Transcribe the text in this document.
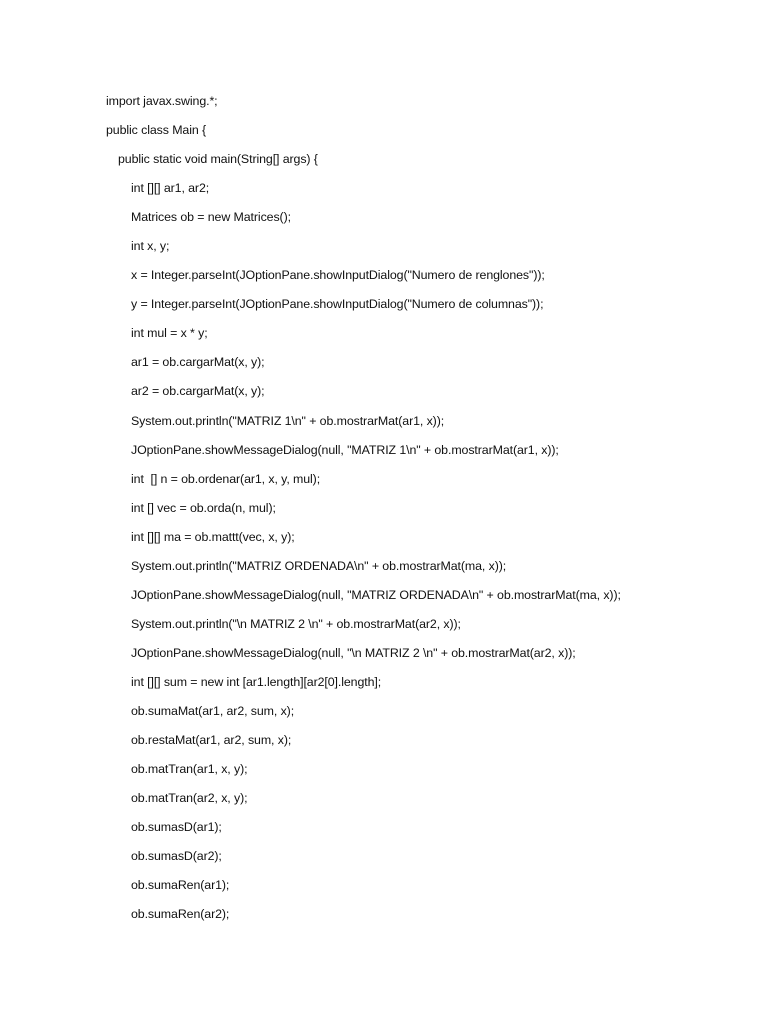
import javax.swing.*;
public class Main {
public static void main(String[] args) {
int [][] ar1, ar2;
Matrices ob = new Matrices();
int x, y;
x = Integer.parseInt(JOptionPane.showInputDialog("Numero de renglones"));
y = Integer.parseInt(JOptionPane.showInputDialog("Numero de columnas"));
int mul = x * y;
ar1 = ob.cargarMat(x, y);
ar2 = ob.cargarMat(x, y);
System.out.println("MATRIZ 1\n" + ob.mostrarMat(ar1, x));
JOptionPane.showMessageDialog(null, "MATRIZ 1\n" + ob.mostrarMat(ar1, x));
int  [] n = ob.ordenar(ar1, x, y, mul);
int [] vec = ob.orda(n, mul);
int [][] ma = ob.mattt(vec, x, y);
System.out.println("MATRIZ ORDENADA\n" + ob.mostrarMat(ma, x));
JOptionPane.showMessageDialog(null, "MATRIZ ORDENADA\n" + ob.mostrarMat(ma, x));
System.out.println("\n MATRIZ 2 \n" + ob.mostrarMat(ar2, x));
JOptionPane.showMessageDialog(null, "\n MATRIZ 2 \n" + ob.mostrarMat(ar2, x));
int [][] sum = new int [ar1.length][ar2[0].length];
ob.sumaMat(ar1, ar2, sum, x);
ob.restaMat(ar1, ar2, sum, x);
ob.matTran(ar1, x, y);
ob.matTran(ar2, x, y);
ob.sumasD(ar1);
ob.sumasD(ar2);
ob.sumaRen(ar1);
ob.sumaRen(ar2);
